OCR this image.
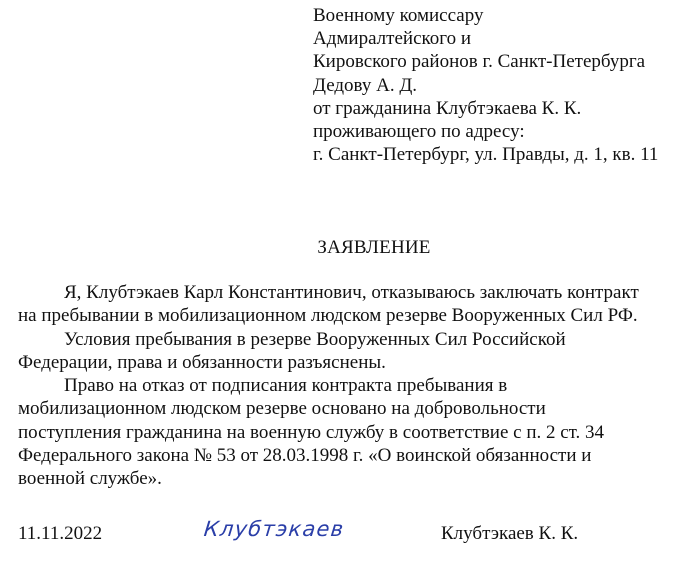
Военному комиссару
Адмиралтейского и
Кировского районов г. Санкт-Петербурга
Дедову А. Д.
от гражданина Клубтэкаева К. К.
проживающего по адресу:
г. Санкт-Петербург, ул. Правды, д. 1, кв. 11
ЗАЯВЛЕНИЕ
Я, Клубтэкаев Карл Константинович, отказываюсь заключать контракт
на пребывании в мобилизационном людском резерве Вооруженных Сил РФ.
Условия пребывания в резерве Вооруженных Сил Российской
Федерации, права и обязанности разъяснены.
Право на отказ от подписания контракта пребывания в
мобилизационном людском резерве основано на добровольности
поступления гражданина на военную службу в соответствие с п. 2 ст. 34
Федерального закона № 53 от 28.03.1998 г. «О воинской обязанности и
военной службе».
11.11.2022	Клубтэкаев	Клубтэкаев К. К.
